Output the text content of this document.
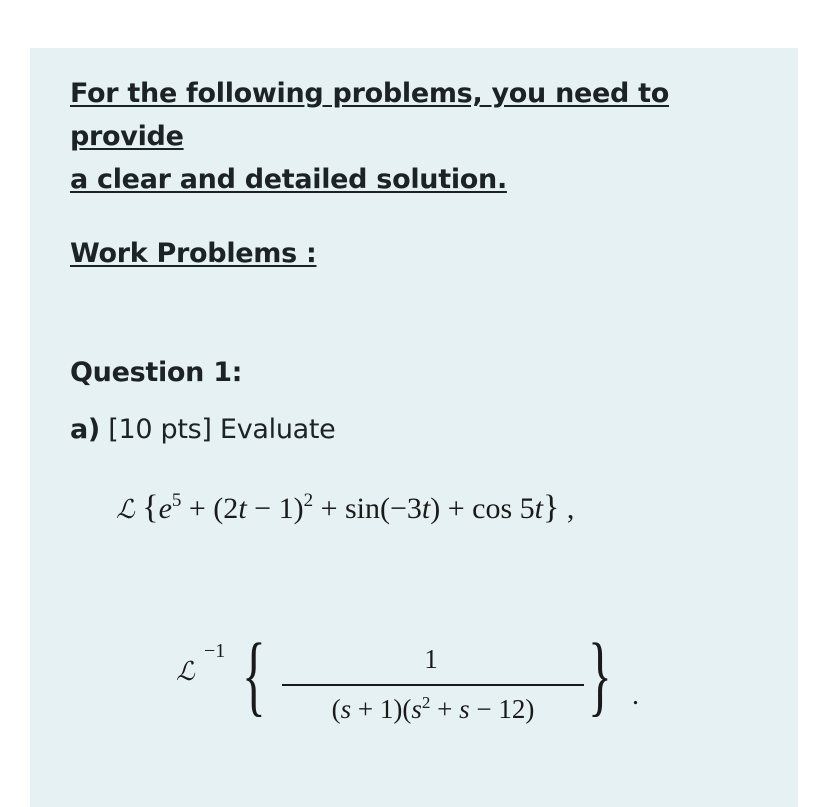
For the following problems, you need to provide
a clear and detailed solution.
Work Problems :
Question 1:
a) [10 pts] Evaluate
ℒ $\{e^5 + (2t - 1)^2 + \sin(-3t) + \cos 5t\}$ ,
ℒ
−1 {	1
$(s + 1)(s^2 + s - 12)$ } .
